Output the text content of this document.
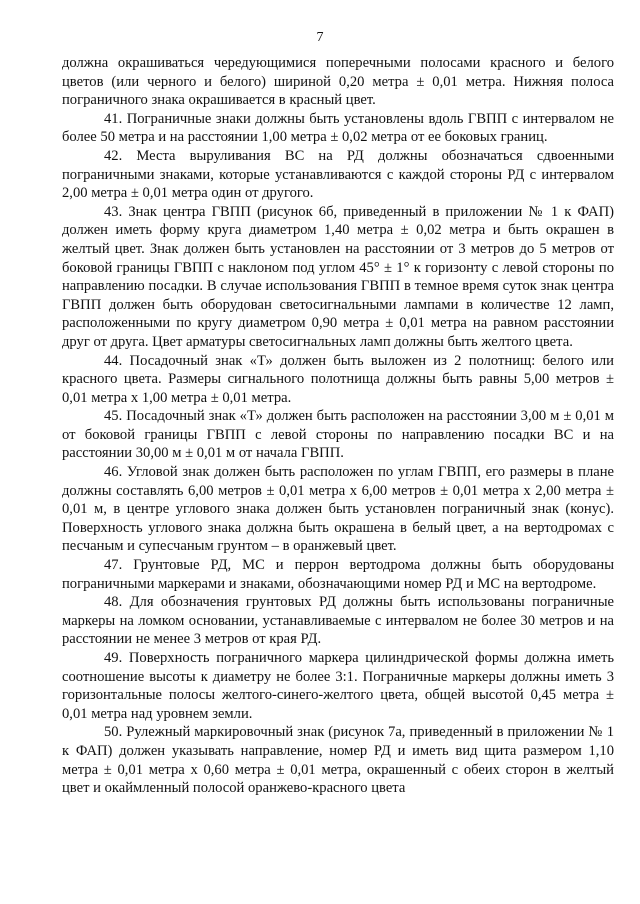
7

должна окрашиваться чередующимися поперечными полосами красного и белого цветов (или черного и белого) шириной 0,20 метра ± 0,01 метра. Нижняя полоса пограничного знака окрашивается в красный цвет.

41. Пограничные знаки должны быть установлены вдоль ГВПП с интервалом не более 50 метра и на расстоянии 1,00 метра ± 0,02 метра от ее боковых границ.

42. Места выруливания ВС на РД должны обозначаться сдвоенными пограничными знаками, которые устанавливаются с каждой стороны РД с интервалом 2,00 метра ± 0,01 метра один от другого.

43. Знак центра ГВПП (рисунок 6б, приведенный в приложении № 1 к ФАП) должен иметь форму круга диаметром 1,40 метра ± 0,02 метра и быть окрашен в желтый цвет. Знак должен быть установлен на расстоянии от 3 метров до 5 метров от боковой границы ГВПП с наклоном под углом 45° ± 1° к горизонту с левой стороны по направлению посадки. В случае использования ГВПП в темное время суток знак центра ГВПП должен быть оборудован светосигнальными лампами в количестве 12 ламп, расположенными по кругу диаметром 0,90 метра ± 0,01 метра на равном расстоянии друг от друга. Цвет арматуры светосигнальных ламп должны быть желтого цвета.

44. Посадочный знак «Т» должен быть выложен из 2 полотнищ: белого или красного цвета. Размеры сигнального полотнища должны быть равны 5,00 метров ± 0,01 метра х 1,00 метра ± 0,01 метра.

45. Посадочный знак «Т» должен быть расположен на расстоянии 3,00 м ± 0,01 м от боковой границы ГВПП с левой стороны по направлению посадки ВС и на расстоянии 30,00 м ± 0,01 м от начала ГВПП.

46. Угловой знак должен быть расположен по углам ГВПП, его размеры в плане должны составлять 6,00 метров ± 0,01 метра х 6,00 метров ± 0,01 метра х 2,00 метра ± 0,01 м, в центре углового знака должен быть установлен пограничный знак (конус). Поверхность углового знака должна быть окрашена в белый цвет, а на вертодромах с песчаным и супесчаным грунтом – в оранжевый цвет.

47. Грунтовые РД, МС и перрон вертодрома должны быть оборудованы пограничными маркерами и знаками, обозначающими номер РД и МС на вертодроме.

48. Для обозначения грунтовых РД должны быть использованы пограничные маркеры на ломком основании, устанавливаемые с интервалом не более 30 метров и на расстоянии не менее 3 метров от края РД.

49. Поверхность пограничного маркера цилиндрической формы должна иметь соотношение высоты к диаметру не более 3:1. Пограничные маркеры должны иметь 3 горизонтальные полосы желтого-синего-желтого цвета, общей высотой 0,45 метра ± 0,01 метра над уровнем земли.

50. Рулежный маркировочный знак (рисунок 7а, приведенный в приложении № 1 к ФАП) должен указывать направление, номер РД и иметь вид щита размером 1,10 метра ± 0,01 метра х 0,60 метра ± 0,01 метра, окрашенный с обеих сторон в желтый цвет и окаймленный полосой оранжево-красного цвета
